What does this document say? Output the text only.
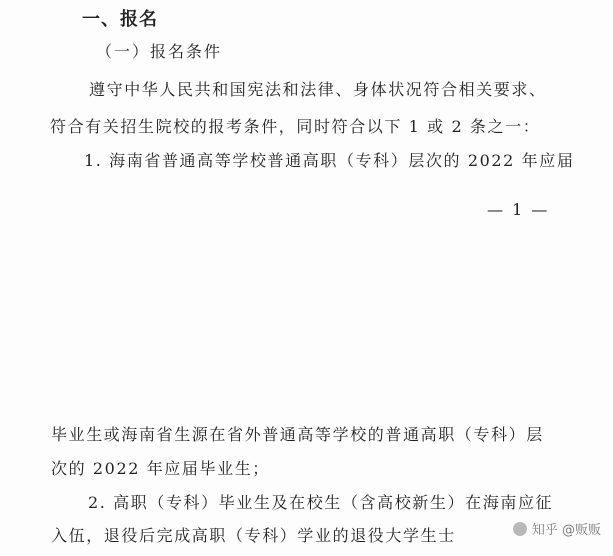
一、报名
（一）报名条件
遵守中华人民共和国宪法和法律、身体状况符合相关要求、
符合有关招生院校的报考条件，同时符合以下 1 或 2 条之一：
1. 海南省普通高等学校普通高职（专科）层次的 2022 年应届
— 1 —
毕业生或海南省生源在省外普通高等学校的普通高职（专科）层
次的 2022 年应届毕业生；
2. 高职（专科）毕业生及在校生（含高校新生）在海南应征
入伍，退役后完成高职（专科）学业的退役大学生士	知乎 @贩贩
